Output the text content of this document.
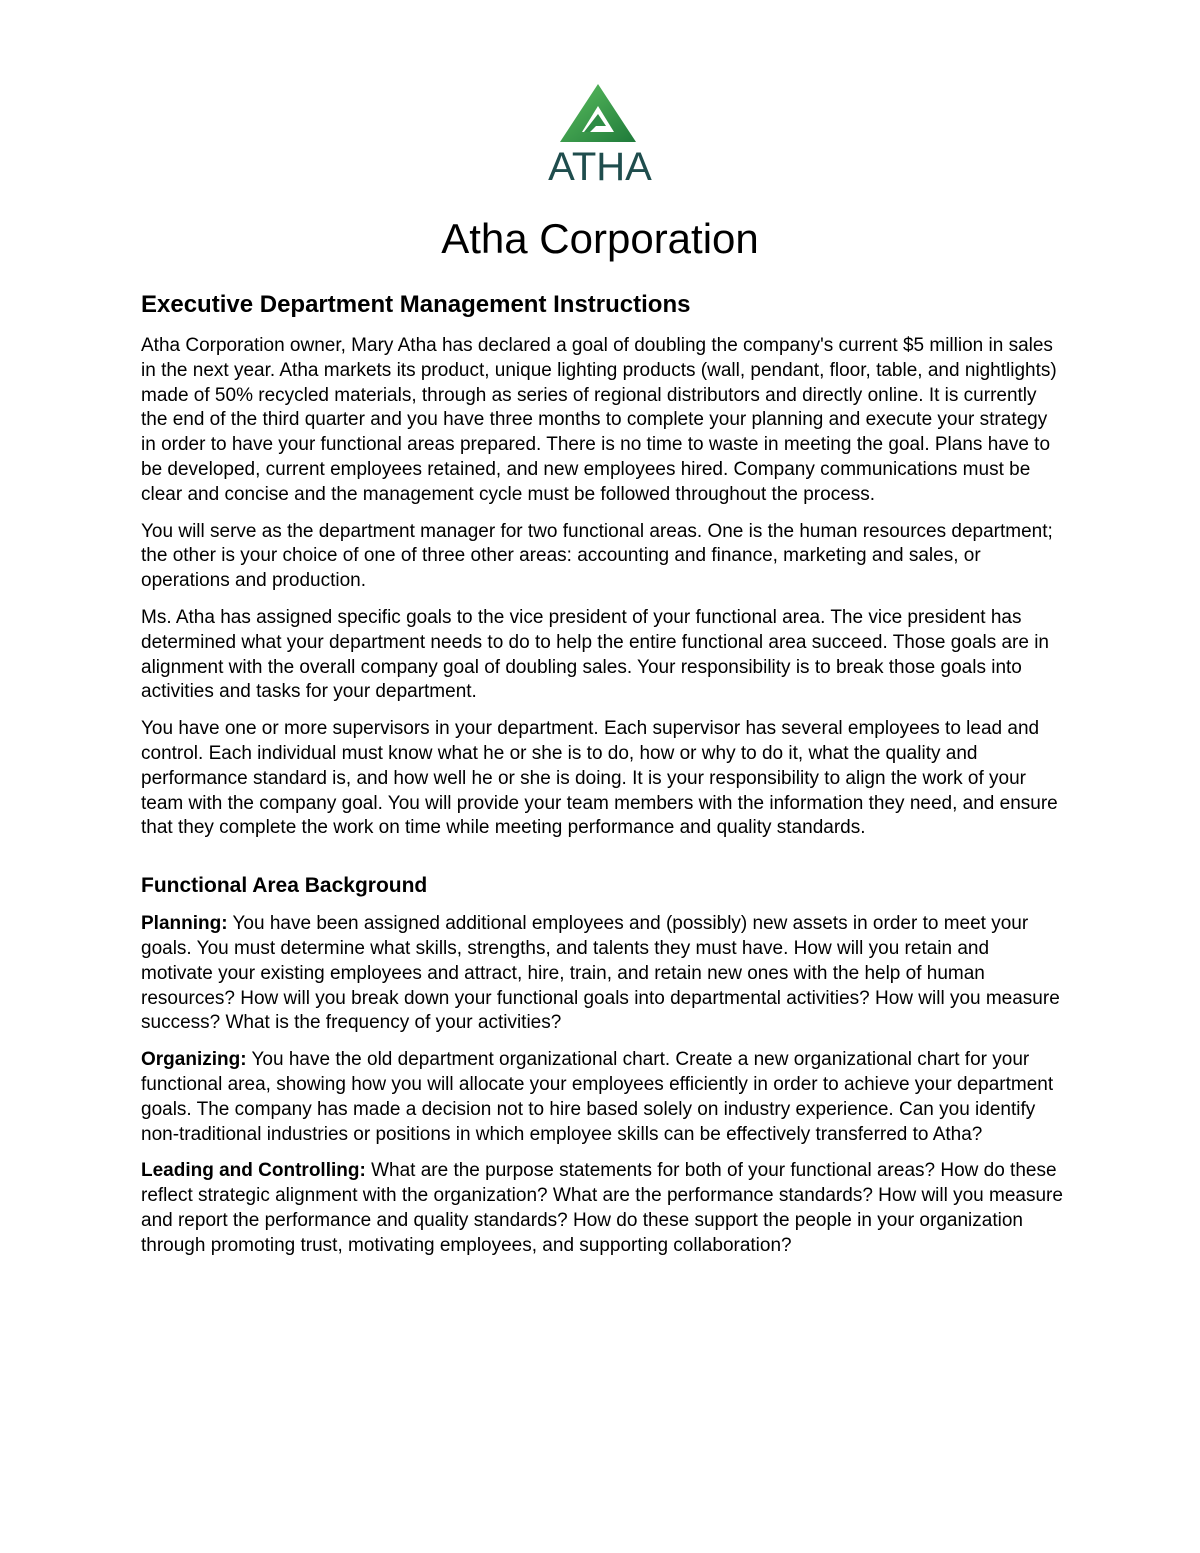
ATHA
Atha Corporation
Executive Department Management Instructions

Atha Corporation owner, Mary Atha has declared a goal of doubling the company's current $5 million in sales in the next year. Atha markets its product, unique lighting products (wall, pendant, floor, table, and nightlights) made of 50% recycled materials, through as series of regional distributors and directly online. It is currently the end of the third quarter and you have three months to complete your planning and execute your strategy in order to have your functional areas prepared. There is no time to waste in meeting the goal. Plans have to be developed, current employees retained, and new employees hired. Company communications must be clear and concise and the management cycle must be followed throughout the process.

You will serve as the department manager for two functional areas. One is the human resources department; the other is your choice of one of three other areas: accounting and finance, marketing and sales, or operations and production.

Ms. Atha has assigned specific goals to the vice president of your functional area. The vice president has determined what your department needs to do to help the entire functional area succeed. Those goals are in alignment with the overall company goal of doubling sales. Your responsibility is to break those goals into activities and tasks for your department.

You have one or more supervisors in your department. Each supervisor has several employees to lead and control. Each individual must know what he or she is to do, how or why to do it, what the quality and performance standard is, and how well he or she is doing. It is your responsibility to align the work of your team with the company goal. You will provide your team members with the information they need, and ensure that they complete the work on time while meeting performance and quality standards.

Functional Area Background

Planning: You have been assigned additional employees and (possibly) new assets in order to meet your goals. You must determine what skills, strengths, and talents they must have. How will you retain and motivate your existing employees and attract, hire, train, and retain new ones with the help of human resources? How will you break down your functional goals into departmental activities? How will you measure success? What is the frequency of your activities?

Organizing: You have the old department organizational chart. Create a new organizational chart for your functional area, showing how you will allocate your employees efficiently in order to achieve your department goals. The company has made a decision not to hire based solely on industry experience. Can you identify non-traditional industries or positions in which employee skills can be effectively transferred to Atha?

Leading and Controlling: What are the purpose statements for both of your functional areas? How do these reflect strategic alignment with the organization? What are the performance standards? How will you measure and report the performance and quality standards? How do these support the people in your organization through promoting trust, motivating employees, and supporting collaboration?
